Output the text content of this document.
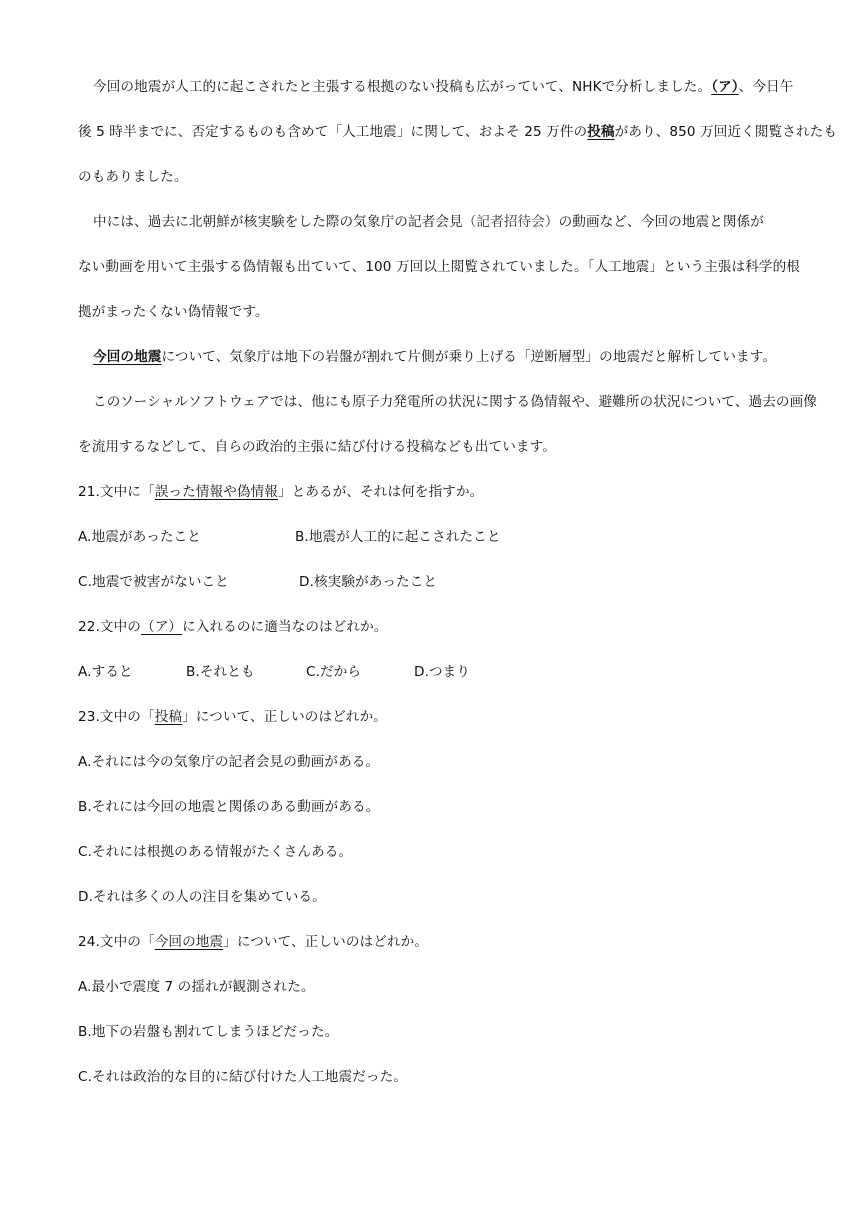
今回の地震が人工的に起こされたと主張する根拠のない投稿も広がっていて、NHKで分析しました。（ア）、今日午
後 5 時半までに、否定するものも含めて「人工地震」に関して、およそ 25 万件の投稿があり、850 万回近く閲覧されたも
のもありました。
中には、過去に北朝鮮が核実験をした際の気象庁の記者会見（記者招待会）の動画など、今回の地震と関係が
ない動画を用いて主張する偽情報も出ていて、100 万回以上閲覧されていました。「人工地震」という主張は科学的根
拠がまったくない偽情報です。
今回の地震について、気象庁は地下の岩盤が割れて片側が乗り上げる「逆断層型」の地震だと解析しています。
このソーシャルソフトウェアでは、他にも原子力発電所の状況に関する偽情報や、避難所の状況について、過去の画像
を流用するなどして、自らの政治的主張に結び付ける投稿なども出ています。
21.文中に「誤った情報や偽情報」とあるが、それは何を指すか。
A.地震があったこと	B.地震が人工的に起こされたこと
C.地震で被害がないこと	D.核実験があったこと
22.文中の（ア）に入れるのに適当なのはどれか。
A.すると	B.それとも	C.だから	D.つまり
23.文中の「投稿」について、正しいのはどれか。
A.それには今の気象庁の記者会見の動画がある。
B.それには今回の地震と関係のある動画がある。
C.それには根拠のある情報がたくさんある。
D.それは多くの人の注目を集めている。
24.文中の「今回の地震」について、正しいのはどれか。
A.最小で震度 7 の揺れが観測された。
B.地下の岩盤も割れてしまうほどだった。
C.それは政治的な目的に結び付けた人工地震だった。
